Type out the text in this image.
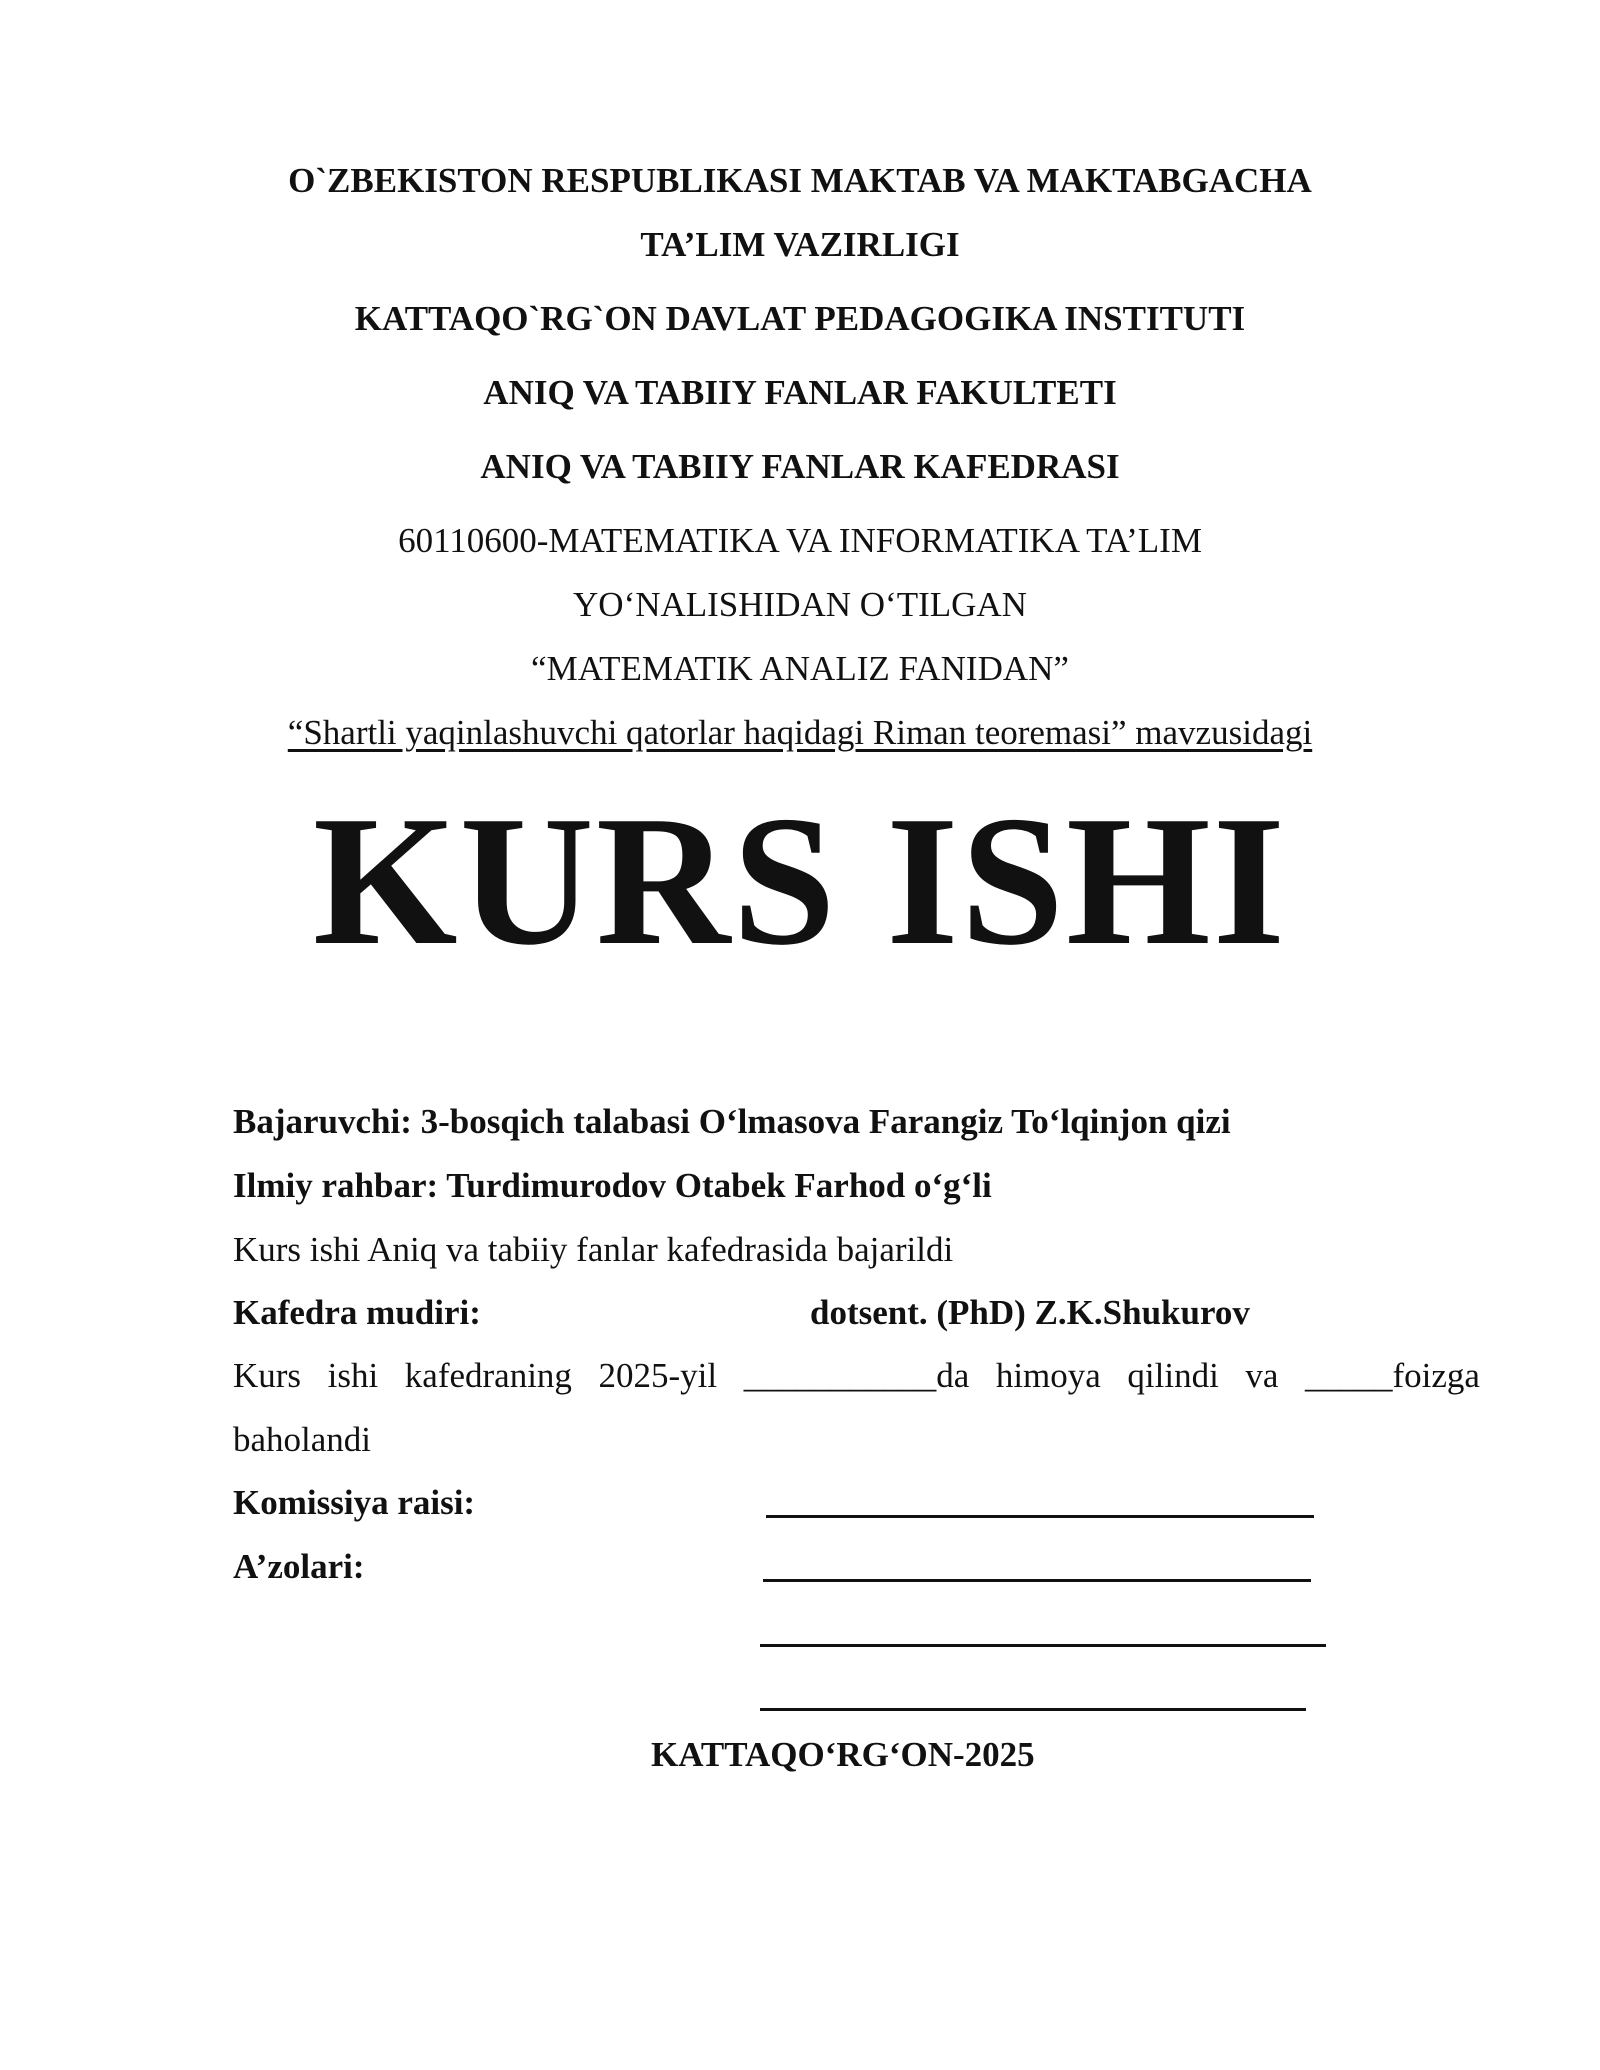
O`ZBEKISTON RESPUBLIKASI MAKTAB VA MAKTABGACHA
TA’LIM VAZIRLIGI
KATTAQO`RG`ON DAVLAT PEDAGOGIKA INSTITUTI
ANIQ VA TABIIY FANLAR FAKULTETI
ANIQ VA TABIIY FANLAR KAFEDRASI
60110600-MATEMATIKA VA INFORMATIKA TA’LIM
YO‘NALISHIDAN O‘TILGAN
“MATEMATIK ANALIZ FANIDAN”
“Shartli yaqinlashuvchi qatorlar haqidagi Riman teoremasi” mavzusidagi
KURS ISHI
Bajaruvchi: 3-bosqich talabasi O‘lmasova Farangiz To‘lqinjon qizi
Ilmiy rahbar: Turdimurodov Otabek Farhod o‘g‘li
Kurs ishi Aniq va tabiiy fanlar kafedrasida bajarildi
Kafedra mudiri:	dotsent. (PhD) Z.K.Shukurov
Kurs ishi kafedraning 2025-yil ___________da himoya qilindi va _____foizga
baholandi
Komissiya raisi:
A’zolari:
KATTAQO‘RG‘ON-2025
